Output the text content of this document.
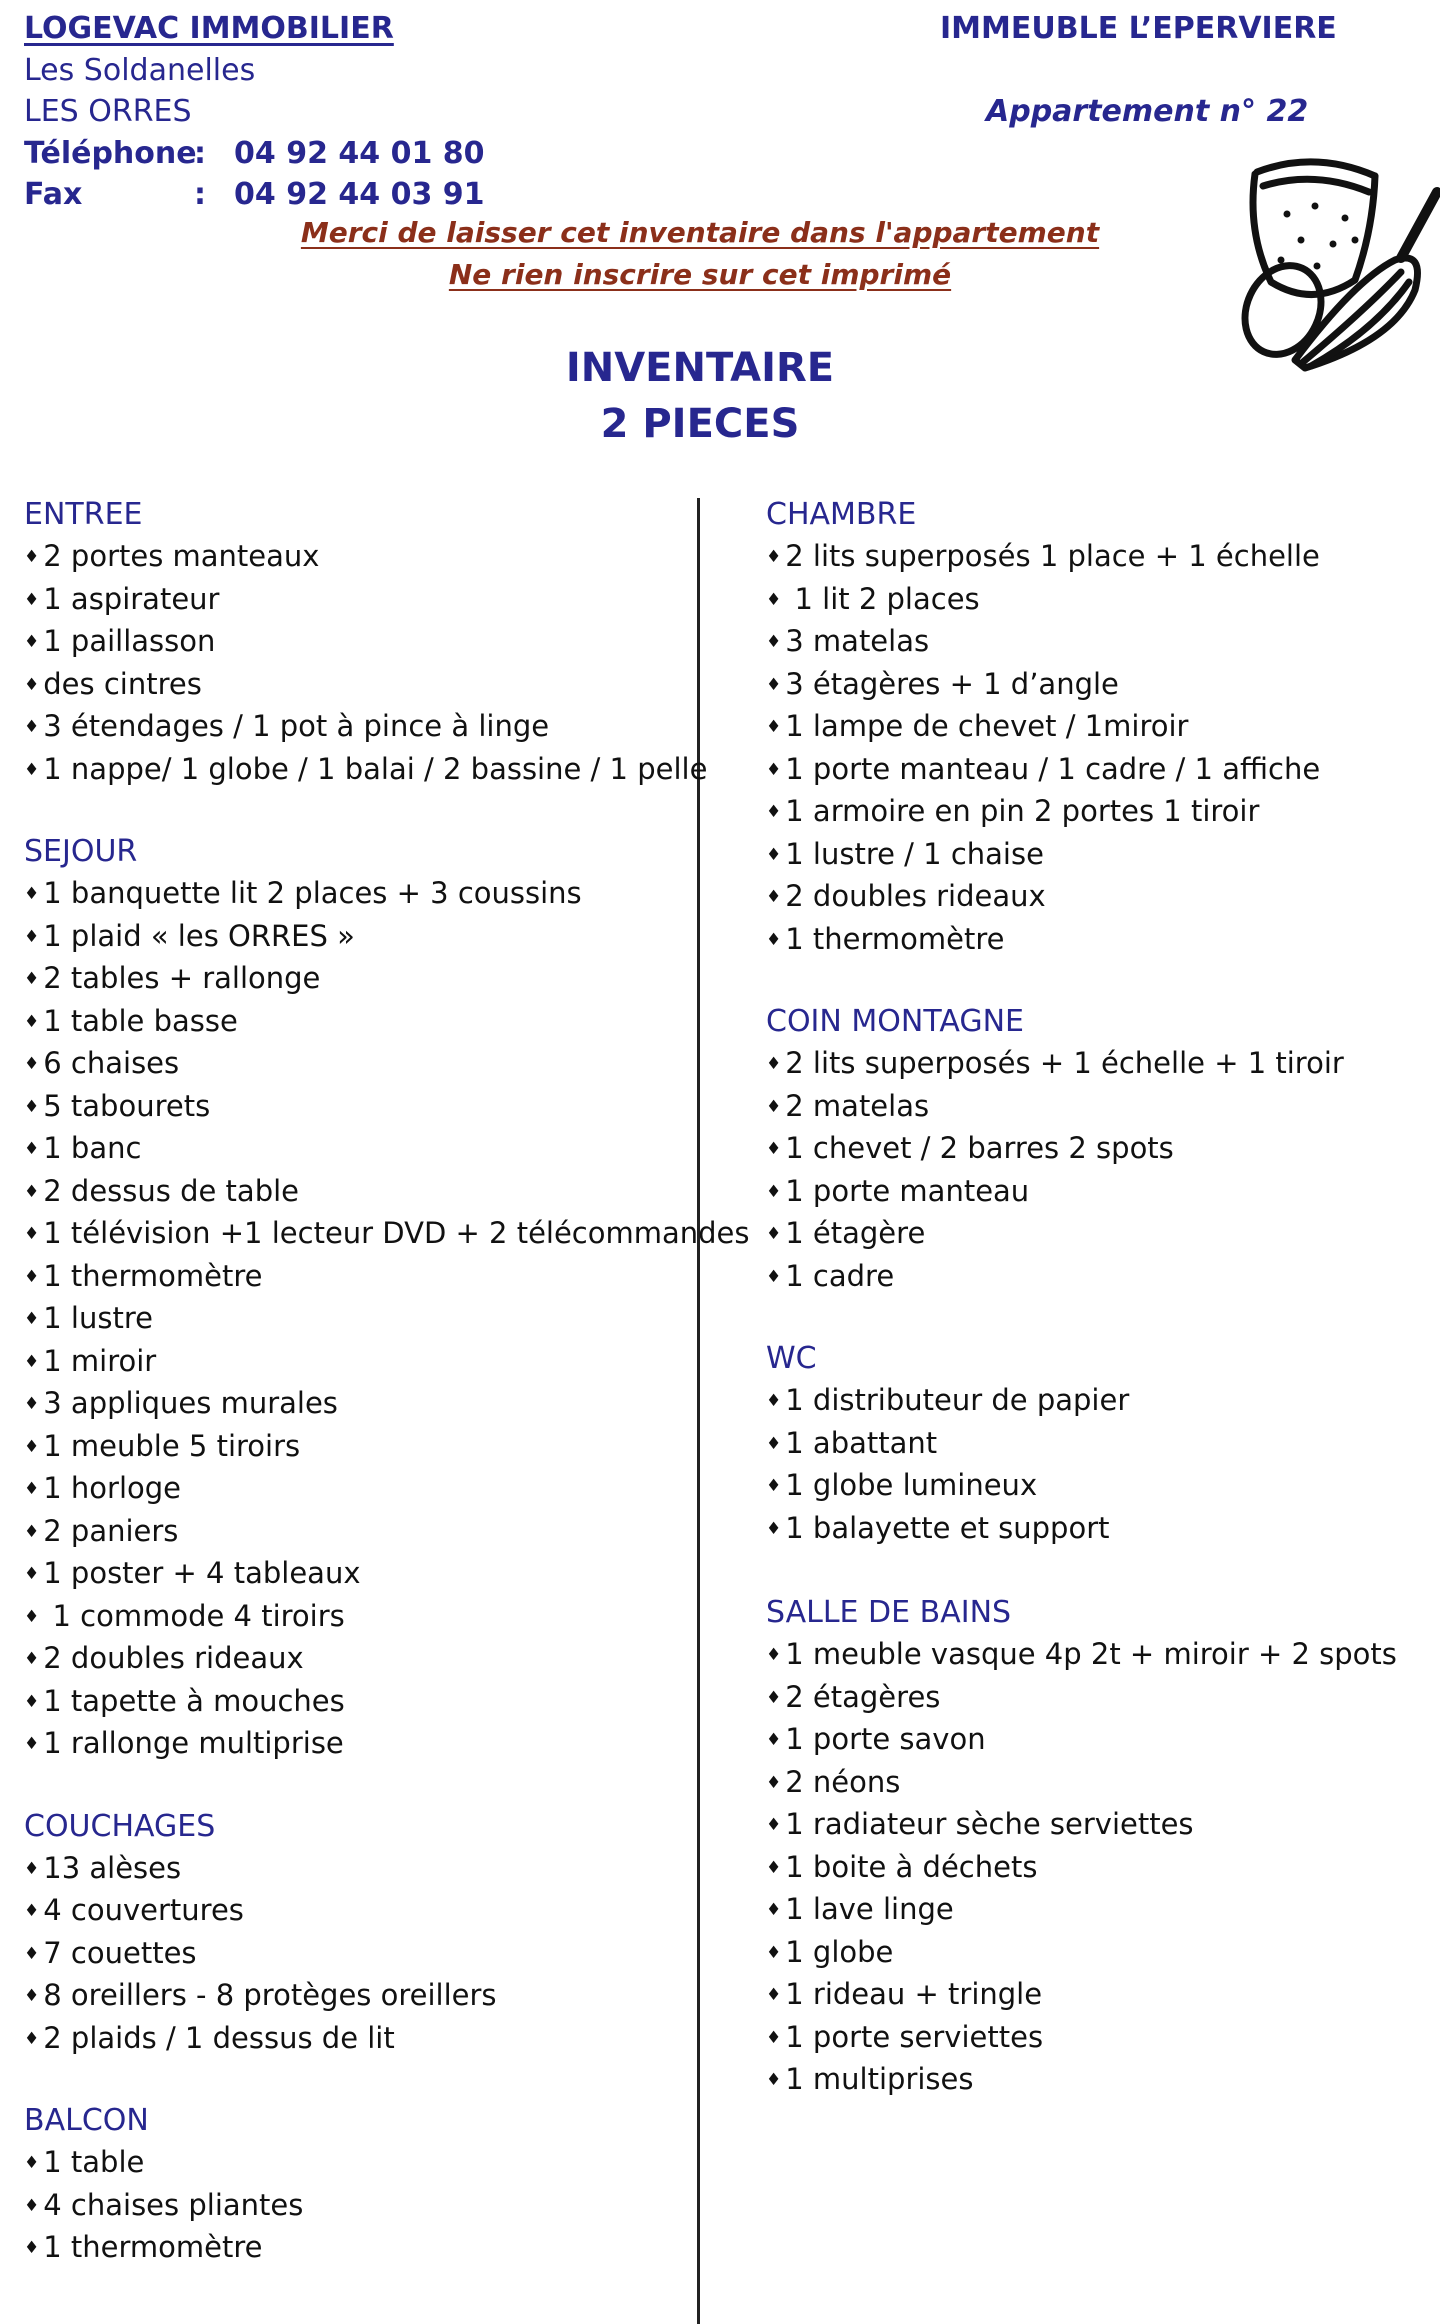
LOGEVAC IMMOBILIER
Les Soldanelles
LES ORRES
Téléphone
: 04 92 44 01 80
Fax	: 04 92 44 03 91
IMMEUBLE L’EPERVIERE
Appartement n° 22
Merci de laisser cet inventaire dans l'appartement
Ne rien inscrire sur cet imprimé
INVENTAIRE
2 PIECES
ENTREE
♦ 2 portes manteaux
♦ 1 aspirateur
♦ 1 paillasson
♦ des cintres
♦ 3 étendages / 1 pot à pince à linge
♦ 1 nappe/ 1 globe / 1 balai / 2 bassine / 1 pelle
SEJOUR
♦ 1 banquette lit 2 places + 3 coussins
♦ 1 plaid « les ORRES »
♦ 2 tables + rallonge
♦ 1 table basse
♦ 6 chaises
♦ 5 tabourets
♦ 1 banc
♦ 2 dessus de table
♦ 1 télévision +1 lecteur DVD + 2 télécommandes
♦ 1 thermomètre
♦ 1 lustre
♦ 1 miroir
♦ 3 appliques murales
♦ 1 meuble 5 tiroirs
♦ 1 horloge
♦ 2 paniers
♦ 1 poster + 4 tableaux
♦ 1 commode 4 tiroirs
♦ 2 doubles rideaux
♦ 1 tapette à mouches
♦ 1 rallonge multiprise
COUCHAGES
♦ 13 alèses
♦ 4 couvertures
♦ 7 couettes
♦ 8 oreillers - 8 protèges oreillers
♦ 2 plaids / 1 dessus de lit
BALCON
♦ 1 table
♦ 4 chaises pliantes
♦ 1 thermomètre
CHAMBRE
♦ 2 lits superposés 1 place + 1 échelle
♦ 1 lit 2 places
♦ 3 matelas
♦ 3 étagères + 1 d’angle
♦ 1 lampe de chevet / 1miroir
♦ 1 porte manteau / 1 cadre / 1 affiche
♦ 1 armoire en pin 2 portes 1 tiroir
♦ 1 lustre / 1 chaise
♦ 2 doubles rideaux
♦ 1 thermomètre
COIN MONTAGNE
♦ 2 lits superposés + 1 échelle + 1 tiroir
♦ 2 matelas
♦ 1 chevet / 2 barres 2 spots
♦ 1 porte manteau
♦ 1 étagère
♦ 1 cadre
WC
♦ 1 distributeur de papier
♦ 1 abattant
♦ 1 globe lumineux
♦ 1 balayette et support
SALLE DE BAINS
♦ 1 meuble vasque 4p 2t + miroir + 2 spots
♦ 2 étagères
♦ 1 porte savon
♦ 2 néons
♦ 1 radiateur sèche serviettes
♦ 1 boite à déchets
♦ 1 lave linge
♦ 1 globe
♦ 1 rideau + tringle
♦ 1 porte serviettes
♦ 1 multiprises
